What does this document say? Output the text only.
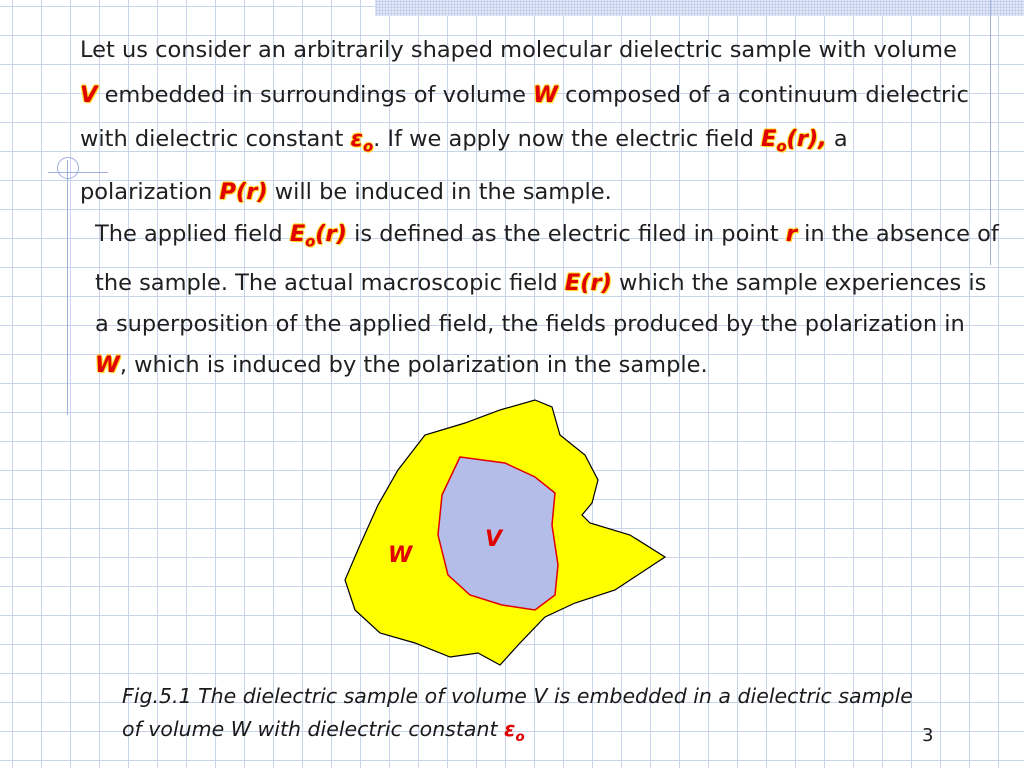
Let us consider an arbitrarily shaped molecular dielectric sample with volume V embedded in surroundings of volume W composed of a continuum dielectric with dielectric constant $\varepsilon_o$. If we apply now the electric field $E_o(r)$, a polarization P(r) will be induced in the sample.

The applied field $E_o(r)$ is defined as the electric filed in point r in the absence of the sample. The actual macroscopic field E(r) which the sample experiences is a superposition of the applied field, the fields produced by the polarization in W, which is induced by the polarization in the sample.

V
W

Fig.5.1 The dielectric sample of volume V is embedded in a dielectric sample of volume W with dielectric constant $\varepsilon_o$	3
